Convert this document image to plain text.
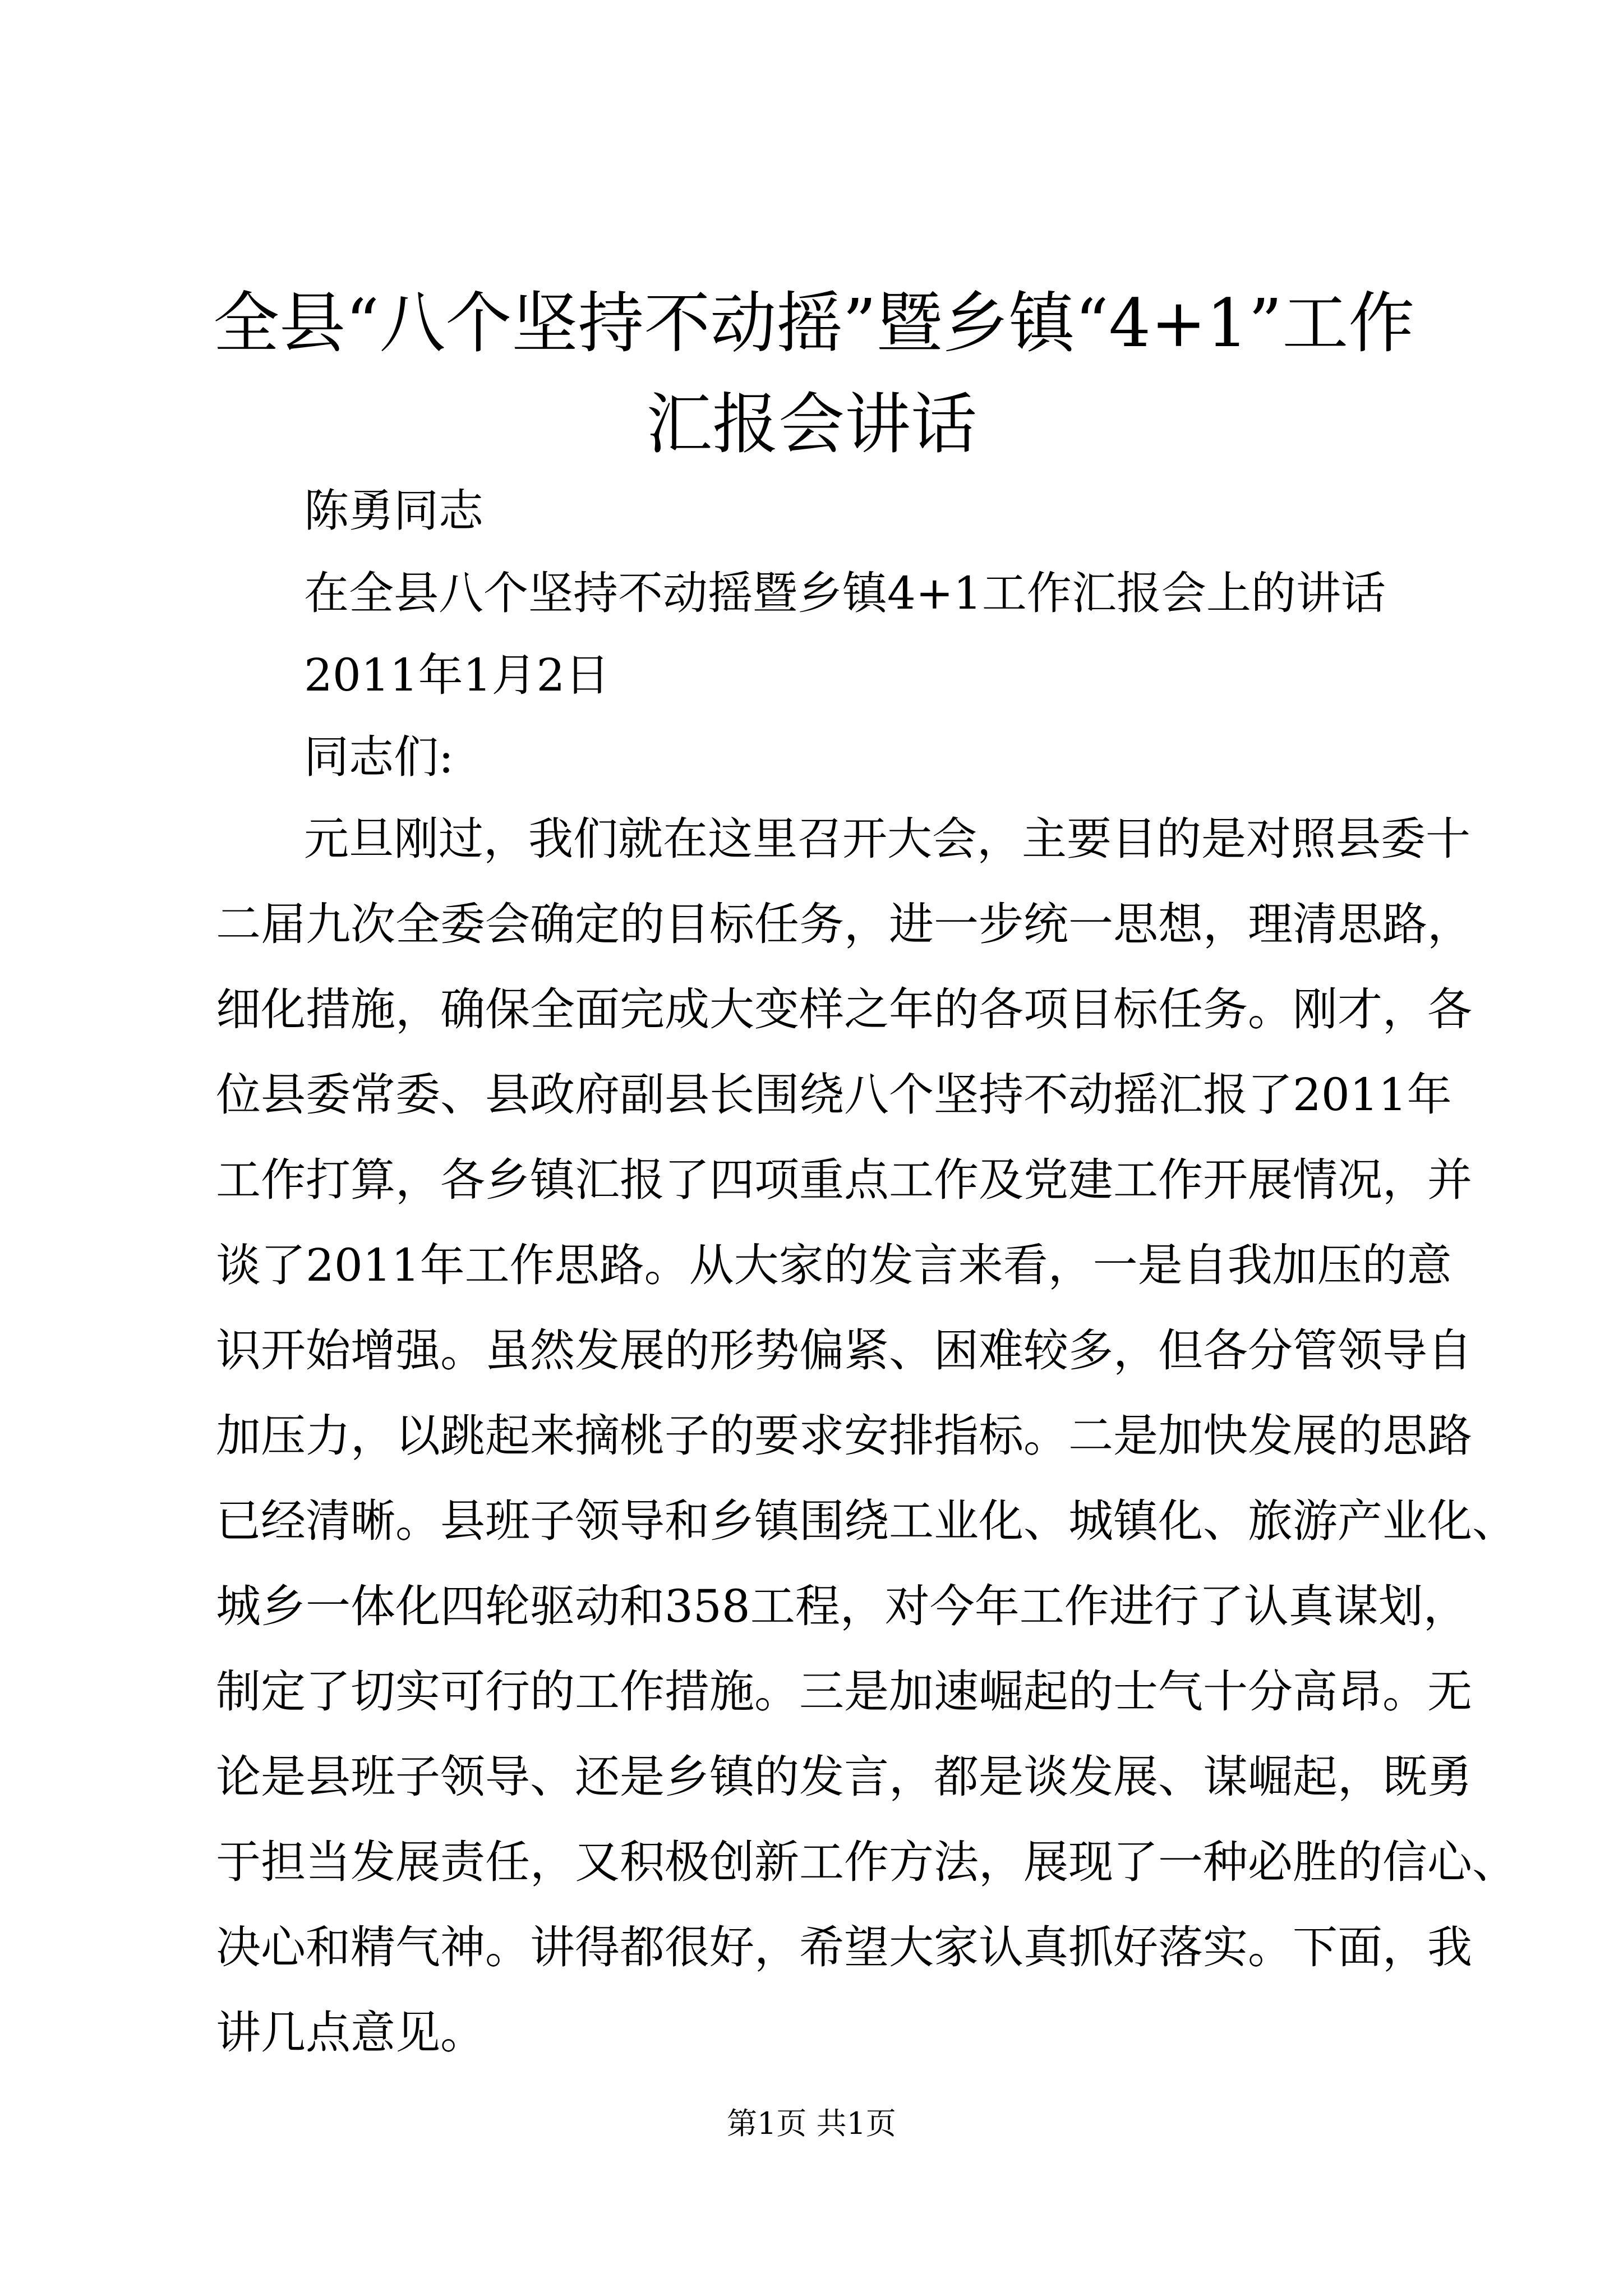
全县“八个坚持不动摇”暨乡镇“4+1”工作
汇报会讲话

陈勇同志

在全县八个坚持不动摇暨乡镇4+1工作汇报会上的讲话

2011年1月2日

同志们:

元旦刚过，我们就在这里召开大会，主要目的是对照县委十
二届九次全委会确定的目标任务，进一步统一思想，理清思路，
细化措施，确保全面完成大变样之年的各项目标任务。刚才，各
位县委常委、县政府副县长围绕八个坚持不动摇汇报了2011年
工作打算，各乡镇汇报了四项重点工作及党建工作开展情况，并
谈了2011年工作思路。从大家的发言来看，一是自我加压的意
识开始增强。虽然发展的形势偏紧、困难较多，但各分管领导自
加压力，以跳起来摘桃子的要求安排指标。二是加快发展的思路
已经清晰。县班子领导和乡镇围绕工业化、城镇化、旅游产业化、
城乡一体化四轮驱动和358工程，对今年工作进行了认真谋划，
制定了切实可行的工作措施。三是加速崛起的士气十分高昂。无
论是县班子领导、还是乡镇的发言，都是谈发展、谋崛起，既勇
于担当发展责任，又积极创新工作方法，展现了一种必胜的信心、
决心和精气神。讲得都很好，希望大家认真抓好落实。下面，我
讲几点意见。
第1页 共1页
